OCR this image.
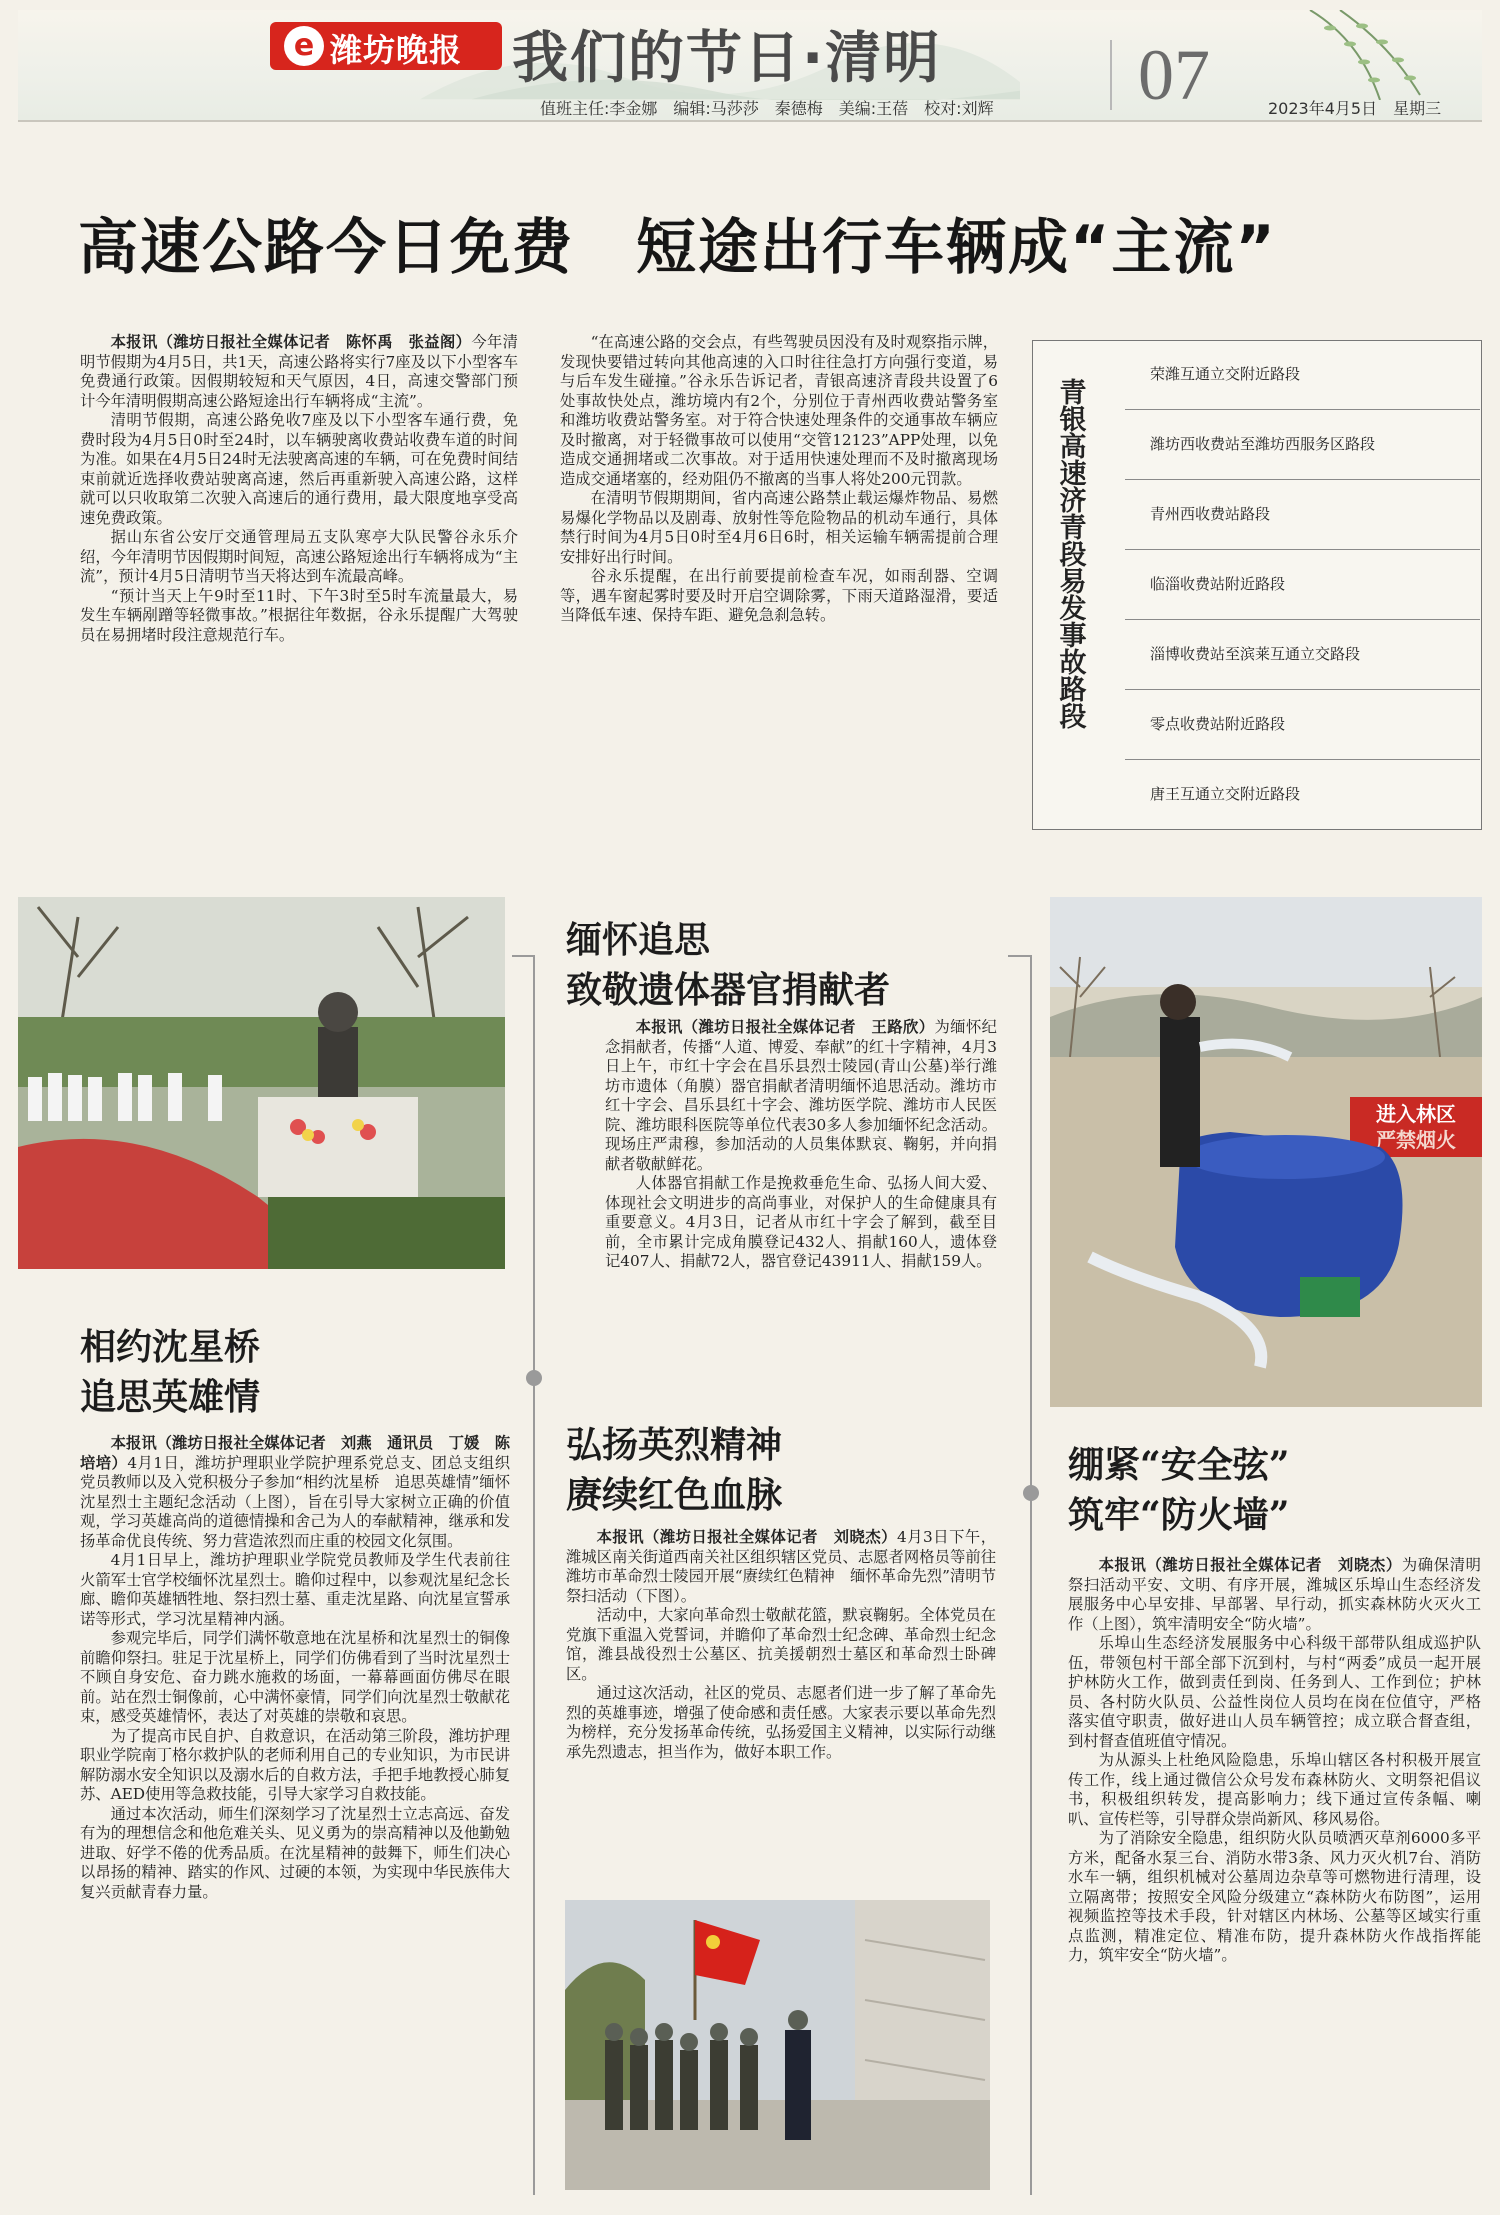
e 潍坊晚报 我们的节日·清明	07
值班主任:李金娜　编辑:马莎莎　秦德梅　美编:王蓓　校对:刘辉	2023年4月5日　星期三
高速公路今日免费　短途出行车辆成“主流”

本报讯（潍坊日报社全媒体记者　陈怀禹　张益阁）今年清明节假期为4月5日，共1天，高速公路将实行7座及以下小型客车免费通行政策。因假期较短和天气原因，4日，高速交警部门预计今年清明假期高速公路短途出行车辆将成“主流”。

清明节假期，高速公路免收7座及以下小型客车通行费，免费时段为4月5日0时至24时，以车辆驶离收费站收费车道的时间为准。如果在4月5日24时无法驶离高速的车辆，可在免费时间结束前就近选择收费站驶离高速，然后再重新驶入高速公路，这样就可以只收取第二次驶入高速后的通行费用，最大限度地享受高速免费政策。

据山东省公安厅交通管理局五支队寒亭大队民警谷永乐介绍，今年清明节因假期时间短，高速公路短途出行车辆将成为“主流”，预计4月5日清明节当天将达到车流最高峰。

“预计当天上午9时至11时、下午3时至5时车流量最大，易发生车辆剐蹭等轻微事故。”根据往年数据，谷永乐提醒广大驾驶员在易拥堵时段注意规范行车。

“在高速公路的交会点，有些驾驶员因没有及时观察指示牌，发现快要错过转向其他高速的入口时往往急打方向强行变道，易与后车发生碰撞。”谷永乐告诉记者，青银高速济青段共设置了6处事故快处点，潍坊境内有2个，分别位于青州西收费站警务室和潍坊收费站警务室。对于符合快速处理条件的交通事故车辆应及时撤离，对于轻微事故可以使用“交管12123”APP处理，以免造成交通拥堵或二次事故。对于适用快速处理而不及时撤离现场造成交通堵塞的，经劝阻仍不撤离的当事人将处200元罚款。

在清明节假期期间，省内高速公路禁止载运爆炸物品、易燃易爆化学物品以及剧毒、放射性等危险物品的机动车通行，具体禁行时间为4月5日0时至4月6日6时，相关运输车辆需提前合理安排好出行时间。

谷永乐提醒，在出行前要提前检查车况，如雨刮器、空调等，遇车窗起雾时要及时开启空调除雾，下雨天道路湿滑，要适当降低车速、保持车距、避免急刹急转。

青银高速济青段易发事故路段
荣潍互通立交附近路段
潍坊西收费站至潍坊西服务区路段
青州西收费站路段
临淄收费站附近路段
淄博收费站至滨莱互通立交路段
零点收费站附近路段
唐王互通立交附近路段
进入林区
严禁烟火
缅怀追思
致敬遗体器官捐献者

本报讯（潍坊日报社全媒体记者　王路欣）为缅怀纪念捐献者，传播“人道、博爱、奉献”的红十字精神，4月3日上午，市红十字会在昌乐县烈士陵园(青山公墓)举行潍坊市遗体（角膜）器官捐献者清明缅怀追思活动。潍坊市红十字会、昌乐县红十字会、潍坊医学院、潍坊市人民医院、潍坊眼科医院等单位代表30多人参加缅怀纪念活动。现场庄严肃穆，参加活动的人员集体默哀、鞠躬，并向捐献者敬献鲜花。

人体器官捐献工作是挽救垂危生命、弘扬人间大爱、体现社会文明进步的高尚事业，对保护人的生命健康具有重要意义。4月3日，记者从市红十字会了解到，截至目前，全市累计完成角膜登记432人、捐献160人，遗体登记407人、捐献72人，器官登记43911人、捐献159人。

相约沈星桥
追思英雄情

本报讯（潍坊日报社全媒体记者　刘燕　通讯员　丁媛　陈培培）4月1日，潍坊护理职业学院护理系党总支、团总支组织党员教师以及入党积极分子参加“相约沈星桥　追思英雄情”缅怀沈星烈士主题纪念活动（上图），旨在引导大家树立正确的价值观，学习英雄高尚的道德情操和舍己为人的奉献精神，继承和发扬革命优良传统、努力营造浓烈而庄重的校园文化氛围。

4月1日早上，潍坊护理职业学院党员教师及学生代表前往火箭军士官学校缅怀沈星烈士。瞻仰过程中，以参观沈星纪念长廊、瞻仰英雄牺牲地、祭扫烈士墓、重走沈星路、向沈星宣誓承诺等形式，学习沈星精神内涵。

参观完毕后，同学们满怀敬意地在沈星桥和沈星烈士的铜像前瞻仰祭扫。驻足于沈星桥上，同学们仿佛看到了当时沈星烈士不顾自身安危、奋力跳水施救的场面，一幕幕画面仿佛尽在眼前。站在烈士铜像前，心中满怀豪情，同学们向沈星烈士敬献花束，感受英雄情怀，表达了对英雄的崇敬和哀思。

为了提高市民自护、自救意识，在活动第三阶段，潍坊护理职业学院南丁格尔救护队的老师利用自己的专业知识，为市民讲解防溺水安全知识以及溺水后的自救方法，手把手地教授心肺复苏、AED使用等急救技能，引导大家学习自救技能。

通过本次活动，师生们深刻学习了沈星烈士立志高远、奋发有为的理想信念和他危难关头、见义勇为的崇高精神以及他勤勉进取、好学不倦的优秀品质。在沈星精神的鼓舞下，师生们决心以昂扬的精神、踏实的作风、过硬的本领，为实现中华民族伟大复兴贡献青春力量。

弘扬英烈精神
赓续红色血脉

本报讯（潍坊日报社全媒体记者　刘晓杰）4月3日下午，潍城区南关街道西南关社区组织辖区党员、志愿者网格员等前往潍坊市革命烈士陵园开展“赓续红色精神　缅怀革命先烈”清明节祭扫活动（下图）。

活动中，大家向革命烈士敬献花篮，默哀鞠躬。全体党员在党旗下重温入党誓词，并瞻仰了革命烈士纪念碑、革命烈士纪念馆，潍县战役烈士公墓区、抗美援朝烈士墓区和革命烈士卧碑区。

通过这次活动，社区的党员、志愿者们进一步了解了革命先烈的英雄事迹，增强了使命感和责任感。大家表示要以革命先烈为榜样，充分发扬革命传统，弘扬爱国主义精神，以实际行动继承先烈遗志，担当作为，做好本职工作。

绷紧“安全弦”
筑牢“防火墙”

本报讯（潍坊日报社全媒体记者　刘晓杰）为确保清明祭扫活动平安、文明、有序开展，潍城区乐埠山生态经济发展服务中心早安排、早部署、早行动，抓实森林防火灭火工作（上图），筑牢清明安全“防火墙”。

乐埠山生态经济发展服务中心科级干部带队组成巡护队伍，带领包村干部全部下沉到村，与村“两委”成员一起开展护林防火工作，做到责任到岗、任务到人、工作到位；护林员、各村防火队员、公益性岗位人员均在岗在位值守，严格落实值守职责，做好进山人员车辆管控；成立联合督查组，到村督查值班值守情况。

为从源头上杜绝风险隐患，乐埠山辖区各村积极开展宣传工作，线上通过微信公众号发布森林防火、文明祭祀倡议书，积极组织转发，提高影响力；线下通过宣传条幅、喇叭、宣传栏等，引导群众崇尚新风、移风易俗。

为了消除安全隐患，组织防火队员喷洒灭草剂6000多平方米，配备水泵三台、消防水带3条、风力灭火机7台、消防水车一辆，组织机械对公墓周边杂草等可燃物进行清理，设立隔离带；按照安全风险分级建立“森林防火布防图”，运用视频监控等技术手段，针对辖区内林场、公墓等区域实行重点监测，精准定位、精准布防，提升森林防火作战指挥能力，筑牢安全“防火墙”。
